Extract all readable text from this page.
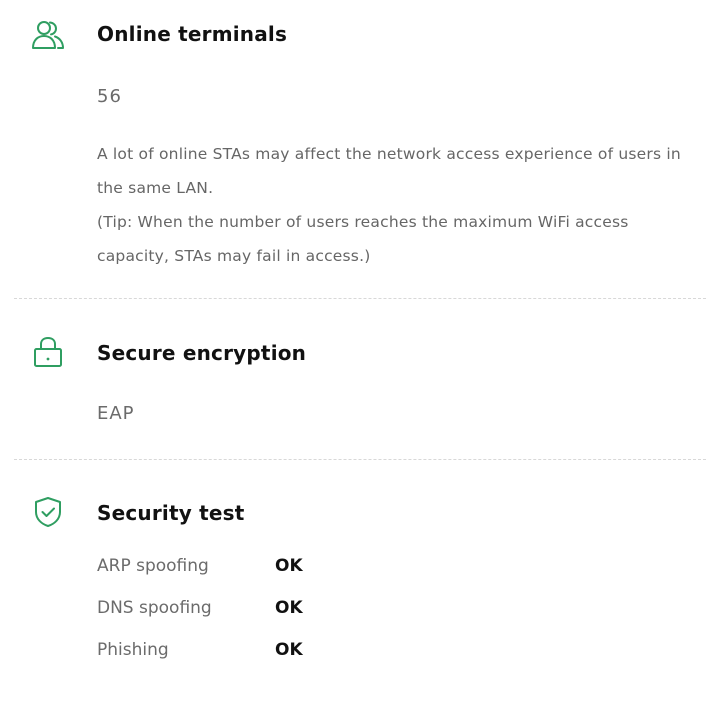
Online terminals
56
A lot of online STAs may affect the network access experience of users in the same LAN.
(Tip: When the number of users reaches the maximum WiFi access capacity, STAs may fail in access.)
Secure encryption
EAP
Security test
ARP spoofing	OK
DNS spoofing	OK
Phishing	OK
